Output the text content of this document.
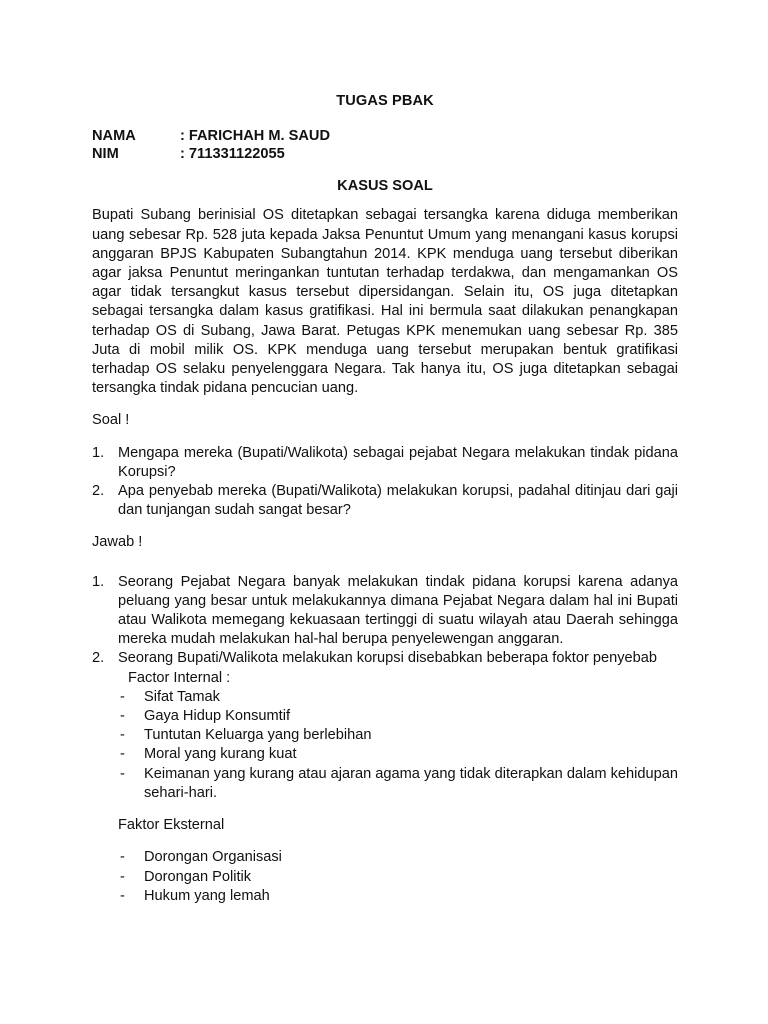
TUGAS PBAK
NAMA	: FARICHAH M. SAUD
NIM	: 711331122055
KASUS SOAL

Bupati Subang berinisial OS ditetapkan sebagai tersangka karena diduga memberikan uang sebesar Rp. 528 juta kepada Jaksa Penuntut Umum yang menangani kasus korupsi anggaran BPJS Kabupaten Subangtahun 2014. KPK menduga uang tersebut diberikan agar jaksa Penuntut meringankan tuntutan terhadap terdakwa, dan mengamankan OS agar tidak tersangkut kasus tersebut dipersidangan. Selain itu, OS juga ditetapkan sebagai tersangka dalam kasus gratifikasi. Hal ini bermula saat dilakukan penangkapan terhadap OS di Subang, Jawa Barat. Petugas KPK menemukan uang sebesar Rp. 385 Juta di mobil milik OS. KPK menduga uang tersebut merupakan bentuk gratifikasi terhadap OS selaku penyelenggara Negara. Tak hanya itu, OS juga ditetapkan sebagai tersangka tindak pidana pencucian uang.

Soal !

1. Mengapa mereka (Bupati/Walikota) sebagai pejabat Negara melakukan tindak pidana Korupsi?
2. Apa penyebab mereka (Bupati/Walikota) melakukan korupsi, padahal ditinjau dari gaji dan tunjangan sudah sangat besar?

Jawab !

1. Seorang Pejabat Negara banyak melakukan tindak pidana korupsi karena adanya peluang yang besar untuk melakukannya dimana Pejabat Negara dalam hal ini Bupati atau Walikota memegang kekuasaan tertinggi di suatu wilayah atau Daerah sehingga mereka mudah melakukan hal-hal berupa penyelewengan anggaran.
2. Seorang Bupati/Walikota melakukan korupsi disebabkan beberapa foktor penyebab
Factor Internal :
- Sifat Tamak
- Gaya Hidup Konsumtif
- Tuntutan Keluarga yang berlebihan
- Moral yang kurang kuat
- Keimanan yang kurang atau ajaran agama yang tidak diterapkan dalam kehidupan sehari-hari.

Faktor Eksternal

- Dorongan Organisasi
- Dorongan Politik
- Hukum yang lemah
